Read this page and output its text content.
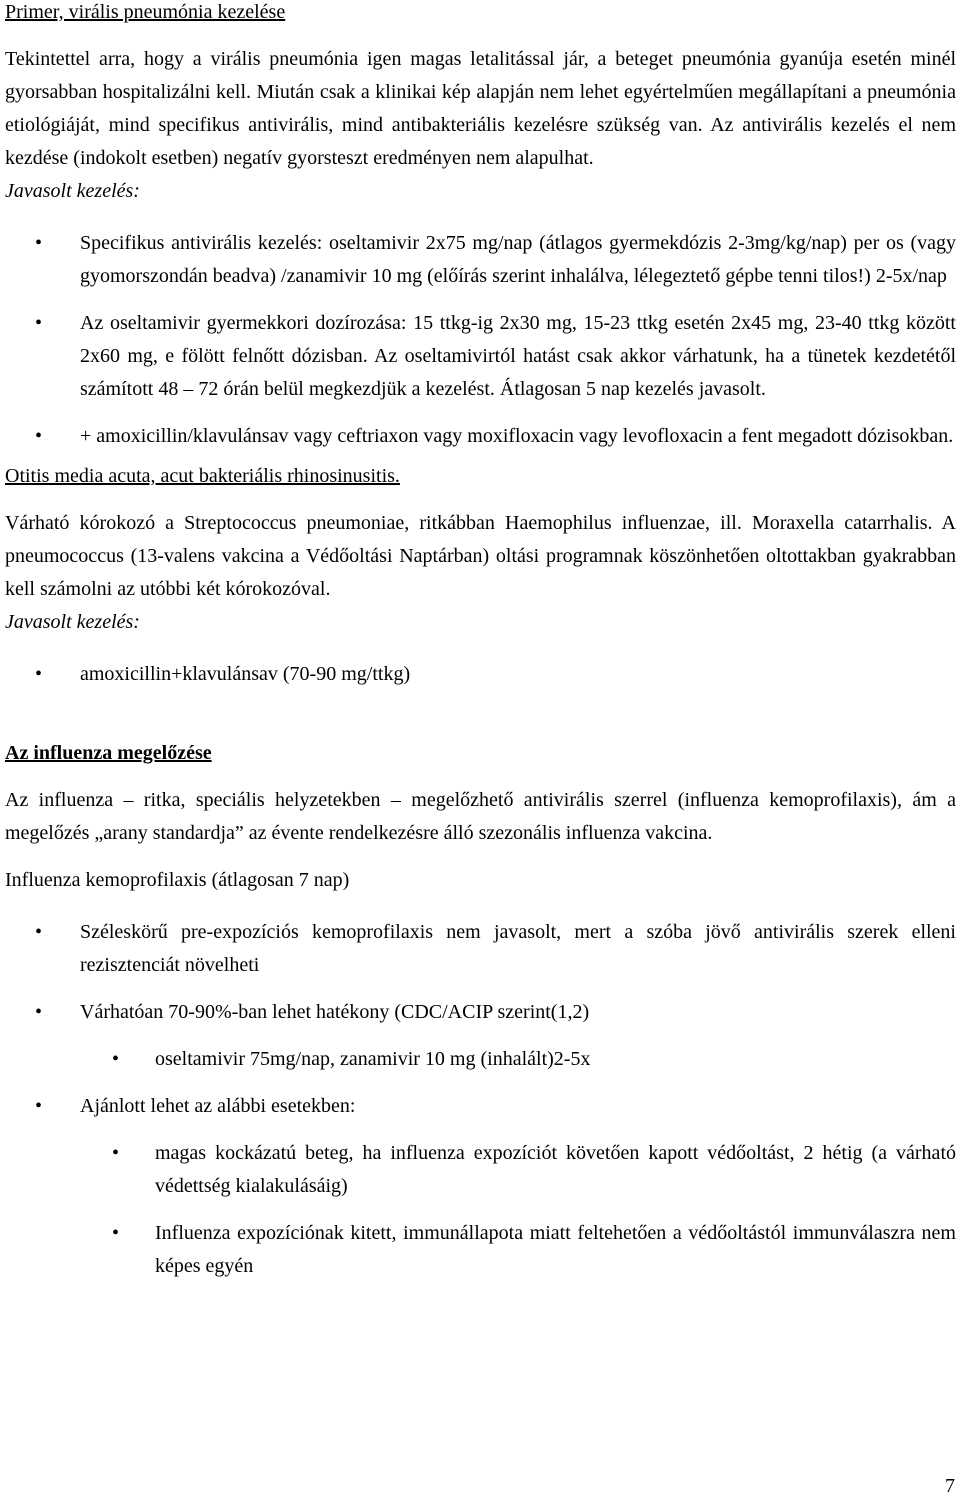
Primer, virális pneumónia kezelése

Tekintettel arra, hogy a virális pneumónia igen magas letalitással jár, a beteget pneumónia gyanúja esetén minél gyorsabban hospitalizálni kell. Miután csak a klinikai kép alapján nem lehet egyértelműen megállapítani a pneumónia etiológiáját, mind specifikus antivirális, mind antibakteriális kezelésre szükség van. Az antivirális kezelés el nem kezdése (indokolt esetben) negatív gyorsteszt eredményen nem alapulhat.

Javasolt kezelés:

• Specifikus antivirális kezelés: oseltamivir 2x75 mg/nap (átlagos gyermekdózis 2-3mg/kg/nap) per os (vagy gyomorszondán beadva) /zanamivir 10 mg (előírás szerint inhalálva, lélegeztető gépbe tenni tilos!) 2-5x/nap
• Az oseltamivir gyermekkori dozírozása: 15 ttkg-ig 2x30 mg, 15-23 ttkg esetén 2x45 mg, 23-40 ttkg között 2x60 mg, e fölött felnőtt dózisban. Az oseltamivirtól hatást csak akkor várhatunk, ha a tünetek kezdetétől számított 48 – 72 órán belül megkezdjük a kezelést. Átlagosan 5 nap kezelés javasolt.
• + amoxicillin/klavulánsav vagy ceftriaxon vagy moxifloxacin vagy levofloxacin a fent megadott dózisokban.

Otitis media acuta, acut bakteriális rhinosinusitis.

Várható kórokozó a Streptococcus pneumoniae, ritkábban Haemophilus influenzae, ill. Moraxella catarrhalis. A pneumococcus (13-valens vakcina a Védőoltási Naptárban) oltási programnak köszönhetően oltottakban gyakrabban kell számolni az utóbbi két kórokozóval.

Javasolt kezelés:

• amoxicillin+klavulánsav (70-90 mg/ttkg)

Az influenza megelőzése

Az influenza – ritka, speciális helyzetekben – megelőzhető antivirális szerrel (influenza kemoprofilaxis), ám a megelőzés „arany standardja” az évente rendelkezésre álló szezonális influenza vakcina.

Influenza kemoprofilaxis (átlagosan 7 nap)

• Széleskörű pre-expozíciós kemoprofilaxis nem javasolt, mert a szóba jövő antivirális szerek elleni rezisztenciát növelheti
• Várhatóan 70-90%-ban lehet hatékony (CDC/ACIP szerint(1,2)
• oseltamivir 75mg/nap, zanamivir 10 mg (inhalált)2-5x
• Ajánlott lehet az alábbi esetekben:
• magas kockázatú beteg, ha influenza expozíciót követően kapott védőoltást, 2 hétig (a várható védettség kialakulásáig)
• Influenza expozíciónak kitett, immunállapota miatt feltehetően a védőoltástól immunválaszra nem képes egyén
7
